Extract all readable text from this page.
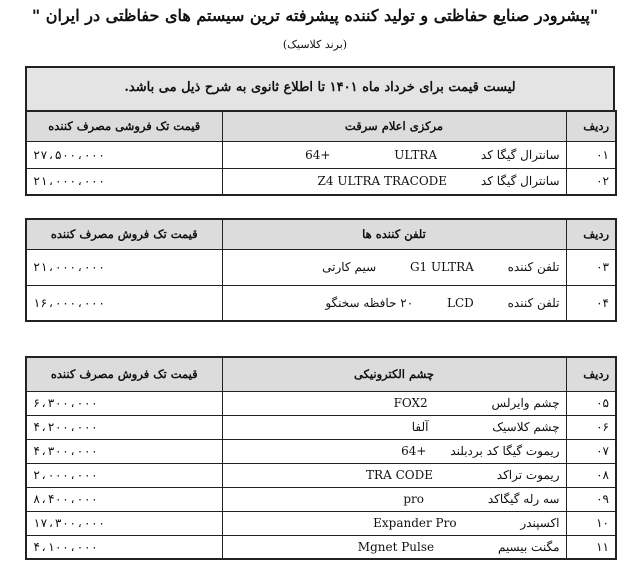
"پیشرودر صنایع حفاظتی و تولید کننده پیشرفته ترین سیستم های حفاظتی در ایران "
(برند کلاسیک)
لیست قیمت برای خرداد ماه ۱۴۰۱ تا اطلاع ثانوی به شرح ذیل می باشد.
قیمت تک فروشی مصرف کننده	مرکزی اعلام سرقت	ردیف
۲۷،۵۰۰،۰۰۰	سانترال گیگا کد ULTRA +64	۰۱
۲۱،۰۰۰،۰۰۰	سانترال گیگا کد Z4 ULTRA TRACODE	۰۲
قیمت تک فروش مصرف کننده	تلفن کننده ها	ردیف
۲۱،۰۰۰،۰۰۰	تلفن کننده G1 ULTRA سیم کارتی	۰۳
۱۶،۰۰۰،۰۰۰	تلفن کننده LCD ۲۰ حافظه سخنگو	۰۴
قیمت تک فروش مصرف کننده	چشم الکترونیکی	ردیف
۶،۳۰۰،۰۰۰	چشم وایرلس FOX2	۰۵
۴،۲۰۰،۰۰۰	چشم کلاسیک آلفا	۰۶
۴،۳۰۰،۰۰۰	ریموت گیگا کد بردبلند +64	۰۷
۲،۰۰۰،۰۰۰	ریموت تراکد TRA CODE	۰۸
۸،۴۰۰،۰۰۰	سه رله گیگاکد pro	۰۹
۱۷،۳۰۰،۰۰۰	اکسپندر Expander Pro	۱۰
۴،۱۰۰،۰۰۰	مگنت بیسیم Mgnet Pulse	۱۱
